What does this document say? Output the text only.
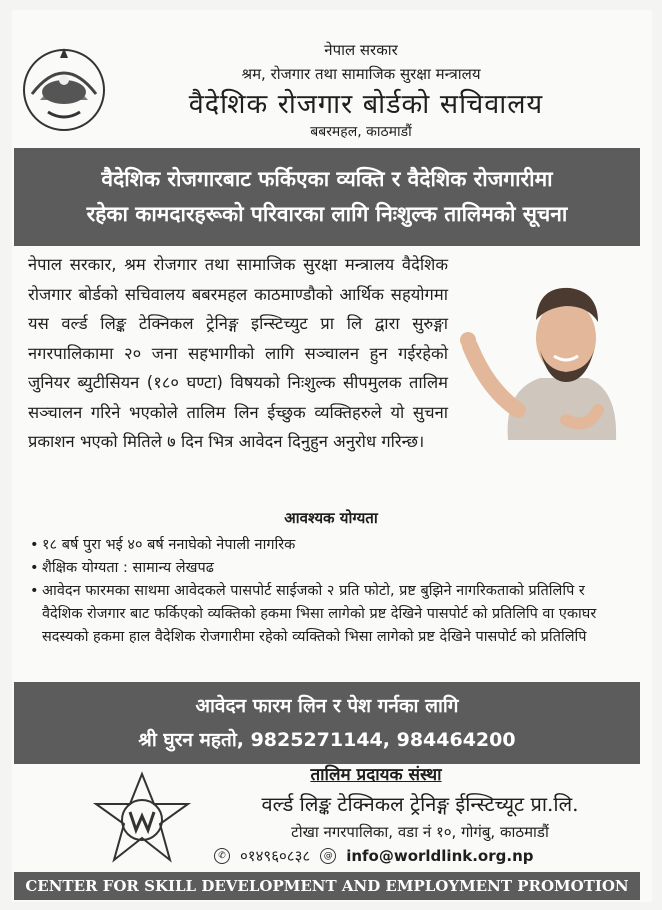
नेपाल सरकार
श्रम, रोजगार तथा सामाजिक सुरक्षा मन्त्रालय
वैदेशिक रोजगार बोर्डको सचिवालय
बबरमहल, काठमाडौं
वैदेशिक रोजगारबाट फर्किएका व्यक्ति र वैदेशिक रोजगारीमा
रहेका कामदारहरूको परिवारका लागि निःशुल्क तालिमको सूचना
नेपाल सरकार, श्रम रोजगार तथा सामाजिक सुरक्षा मन्त्रालय वैदेशिक रोजगार बोर्डको सचिवालय बबरमहल काठमाण्डौको आर्थिक सहयोगमा यस वर्ल्ड लिङ्क टेक्निकल ट्रेनिङ्ग इन्स्टिच्युट प्रा लि द्वारा सुरुङ्गा नगरपालिकामा २० जना सहभागीको लागि सञ्चालन हुन गईरहेको जुनियर ब्युटीसियन (१८० घण्टा) विषयको निःशुल्क सीपमुलक तालिम सञ्चालन गरिने भएकोले तालिम लिन ईच्छुक व्यक्तिहरुले यो सुचना प्रकाशन भएको मितिले ७ दिन भित्र आवेदन दिनुहुन अनुरोध गरिन्छ।
आवश्यक योग्यता
• १८ बर्ष पुरा भई ४० बर्ष ननाघेको नेपाली नागरिक
• शैक्षिक योग्यता : सामान्य लेखपढ
• आवेदन फारमका साथमा आवेदकले पासपोर्ट साईजको २ प्रति फोटो, प्रष्ट बुझिने नागरिकताको प्रतिलिपि र वैदेशिक रोजगार बाट फर्किएको व्यक्तिको हकमा भिसा लागेको प्रष्ट देखिने पासपोर्ट को प्रतिलिपि वा एकाघर सदस्यको हकमा हाल वैदेशिक रोजगारीमा रहेको व्यक्तिको भिसा लागेको प्रष्ट देखिने पासपोर्ट को प्रतिलिपि
आवेदन फारम लिन र पेश गर्नका लागि
श्री घुरन महतो, 9825271144, 984464200
तालिम प्रदायक संस्था
वर्ल्ड लिङ्क टेक्निकल ट्रेनिङ्ग ईन्स्टिच्यूट प्रा.लि.
टोखा नगरपालिका, वडा नं १०, गोगंबु, काठमाडौं
✆ ०१४९६०८३८	@ info@worldlink.org.np
CENTER FOR SKILL DEVELOPMENT AND EMPLOYMENT PROMOTION
